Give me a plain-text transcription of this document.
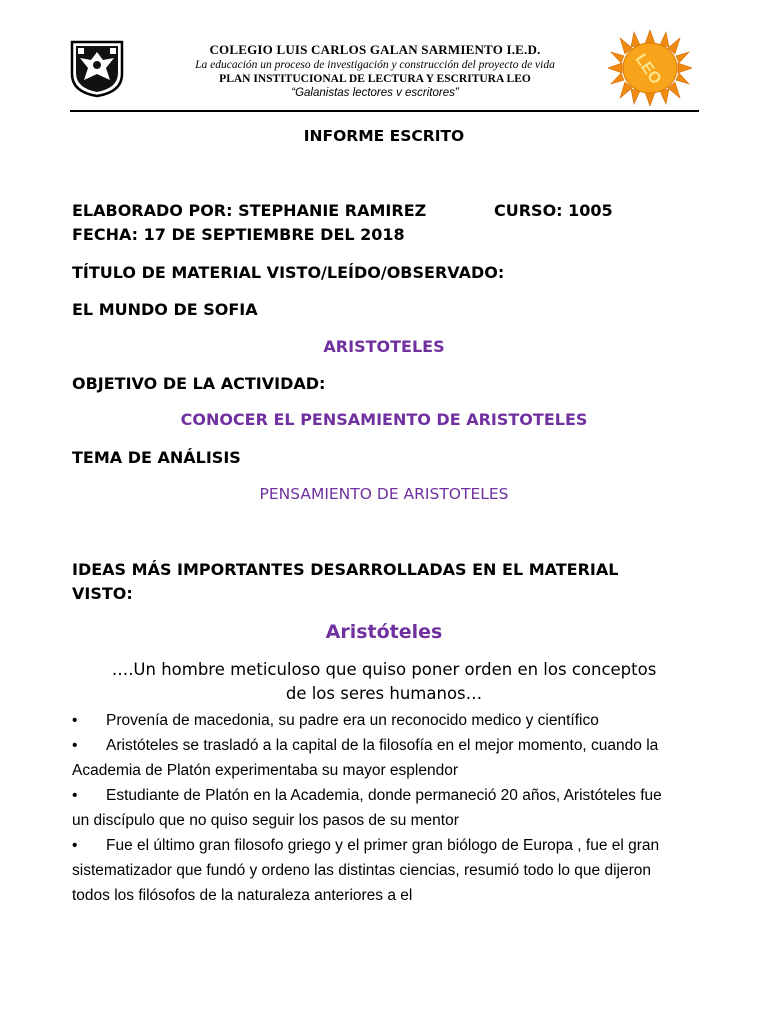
COLEGIO LUIS CARLOS GALAN SARMIENTO I.E.D.
La educación un proceso de investigación y construcción del proyecto de vida
PLAN INSTITUCIONAL DE LECTURA Y ESCRITURA LEO
“Galanistas lectores v escritores”
LEO
INFORME ESCRITO
ELABORADO POR: STEPHANIE RAMIREZ	CURSO: 1005
FECHA: 17 DE SEPTIEMBRE DEL 2018
TÍTULO DE MATERIAL VISTO/LEÍDO/OBSERVADO:
EL MUNDO DE SOFIA
ARISTOTELES
OBJETIVO DE LA ACTIVIDAD:
CONOCER EL PENSAMIENTO DE ARISTOTELES
TEMA DE ANÁLISIS
PENSAMIENTO DE ARISTOTELES
IDEAS MÁS IMPORTANTES DESARROLLADAS EN EL MATERIAL
VISTO:
Aristóteles
….Un hombre meticuloso que quiso poner orden en los conceptos
de los seres humanos…
• Provenía de macedonia, su padre era un reconocido medico y científico
• Aristóteles se trasladó a la capital de la filosofía en el mejor momento, cuando la
Academia de Platón experimentaba su mayor esplendor
• Estudiante de Platón en la Academia, donde permaneció 20 años, Aristóteles fue
un discípulo que no quiso seguir los pasos de su mentor
• Fue el último gran filosofo griego y el primer gran biólogo de Europa , fue el gran
sistematizador que fundó y ordeno las distintas ciencias, resumió todo lo que dijeron
todos los filósofos de la naturaleza anteriores a el
